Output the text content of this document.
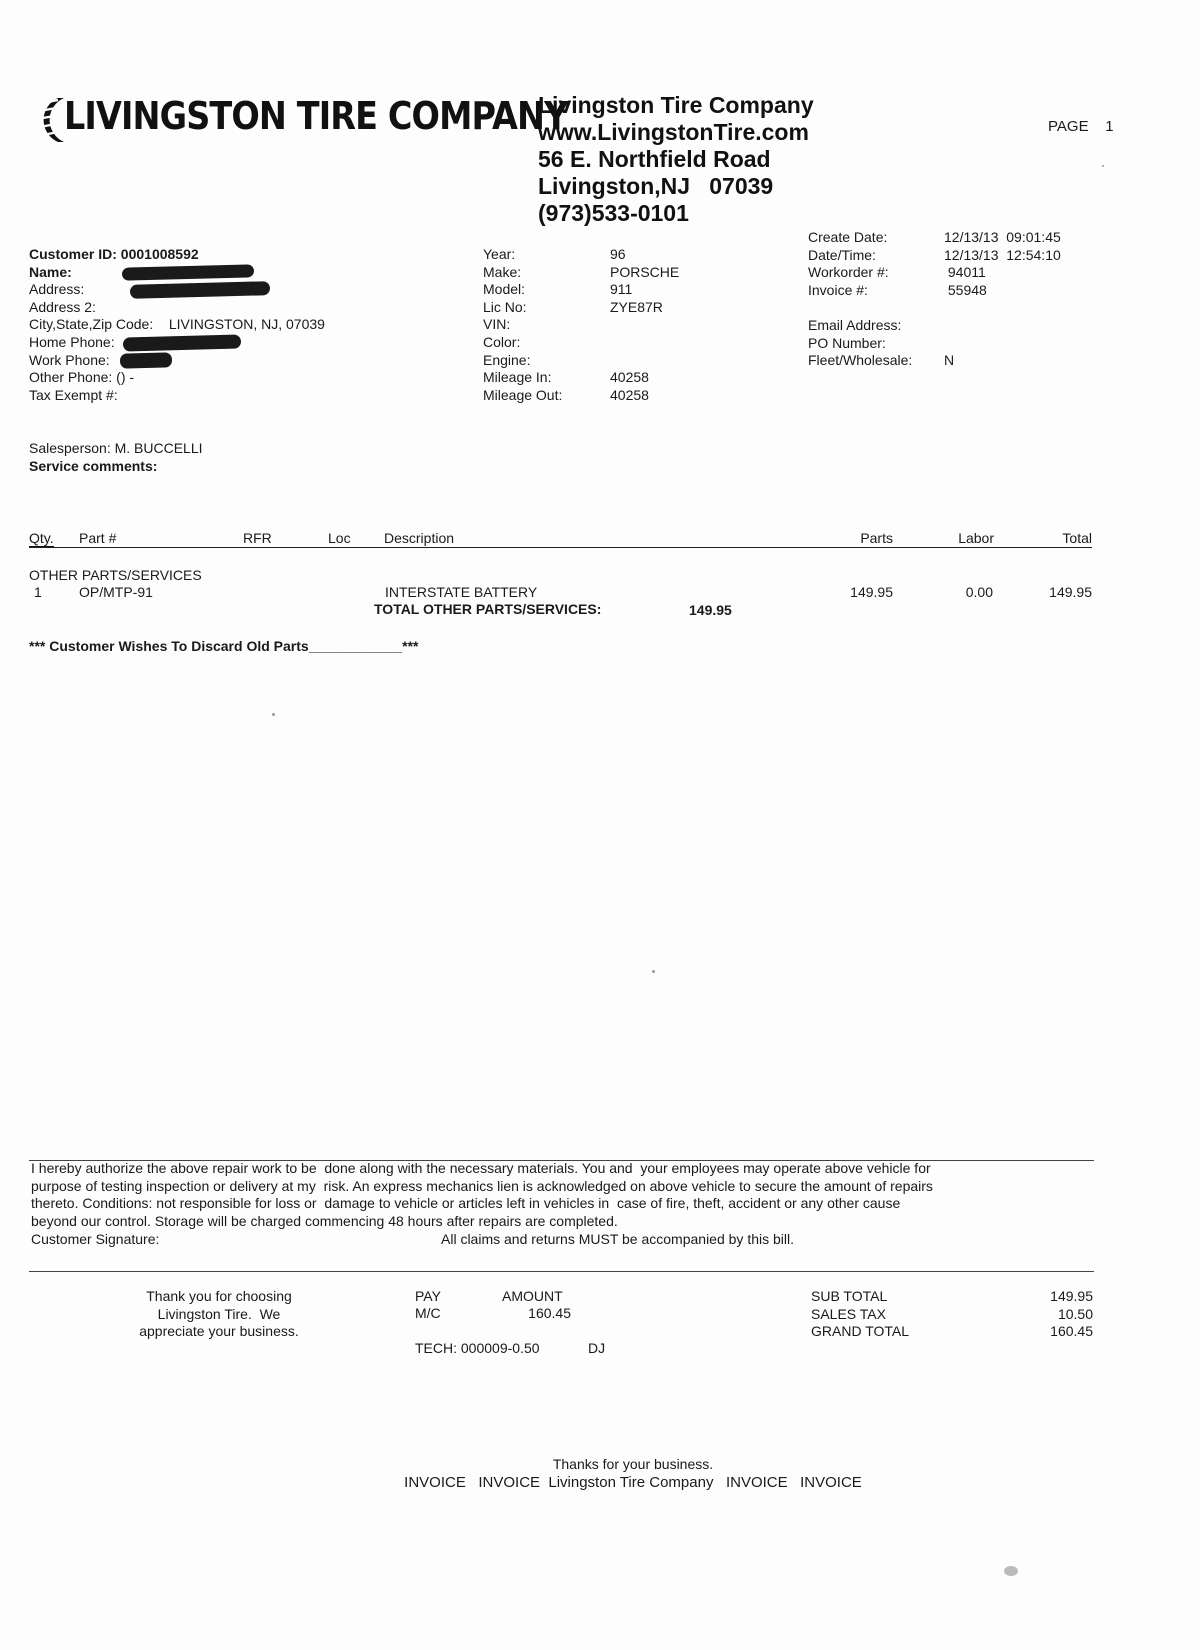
LIVINGSTON TIRE COMPANY
Livingston Tire Company
www.LivingstonTire.com
56 E. Northfield Road
Livingston,NJ   07039
(973)533-0101
PAGE 1
Customer ID: 0001008592
Name:
Address:
Address 2:
City,State,Zip Code: LIVINGSTON, NJ, 07039
Home Phone:
Work Phone:
Other Phone: () -
Tax Exempt #:
Year:	96
Make:	PORSCHE
Model:	911
Lic No:	ZYE87R
VIN:
Color:
Engine:
Mileage In:	40258
Mileage Out:	40258
Create Date:	12/13/13  09:01:45
Date/Time:	12/13/13  12:54:10
Workorder #:	94011
Invoice #:	55948
Email Address:
PO Number:
Fleet/Wholesale: N
Salesperson: M. BUCCELLI
Service comments:
Qty. Part #	RFR	Loc Description	Parts	Labor	Total
OTHER PARTS/SERVICES
1	OP/MTP-91	INTERSTATE BATTERY	149.95	0.00	149.95
TOTAL OTHER PARTS/SERVICES:	149.95
*** Customer Wishes To Discard Old Parts____________***
I hereby authorize the above repair work to be  done along with the necessary materials. You and  your employees may operate above vehicle for
purpose of testing inspection or delivery at my  risk. An express mechanics lien is acknowledged on above vehicle to secure the amount of repairs
thereto. Conditions: not responsible for loss or  damage to vehicle or articles left in vehicles in  case of fire, theft, accident or any other cause
beyond our control. Storage will be charged commencing 48 hours after repairs are completed.
Customer Signature:	All claims and returns MUST be accompanied by this bill.
Thank you for choosing
Livingston Tire.  We
appreciate your business.
PAY	AMOUNT
M/C	160.45
TECH: 000009-0.50	DJ
SUB TOTAL	149.95
SALES TAX	10.50
GRAND TOTAL	160.45
Thanks for your business.
INVOICE   INVOICE  Livingston Tire Company   INVOICE   INVOICE
